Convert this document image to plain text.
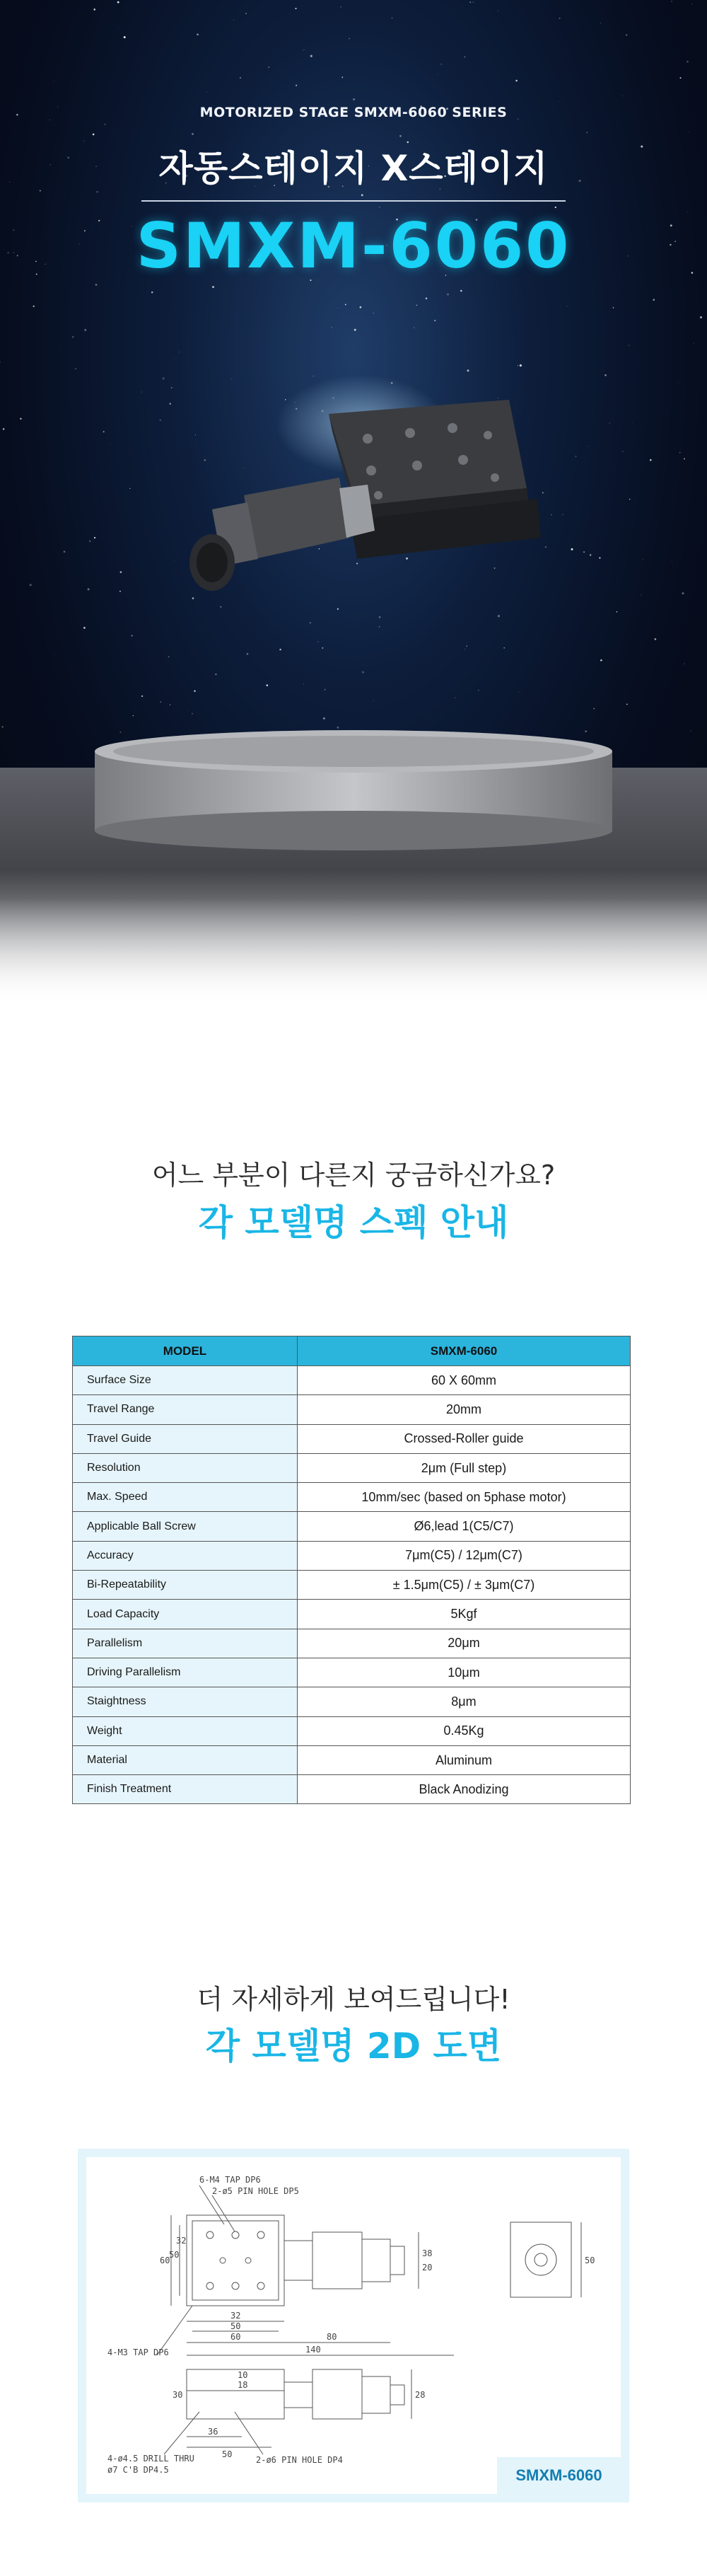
MOTORIZED STAGE SMXM-6060 SERIES
자동스테이지 X스테이지
SMXM-6060
어느 부분이 다른지 궁금하신가요?
각 모델명 스펙 안내
MODEL	SMXM-6060
Surface Size	60 X 60mm
Travel Range	20mm
Travel Guide	Crossed-Roller guide
Resolution	2μm (Full step)
Max. Speed	10mm/sec (based on 5phase motor)
Applicable Ball Screw	Ø6,lead 1(C5/C7)
Accuracy	7μm(C5) / 12μm(C7)
Bi-Repeatability	± 1.5μm(C5) / ± 3μm(C7)
Load Capacity	5Kgf
Parallelism	20μm
Driving Parallelism	10μm
Staightness	8μm
Weight	0.45Kg
Material	Aluminum
Finish Treatment	Black Anodizing
더 자세하게 보여드립니다!
각 모델명 2D 도면
6-M4 TAP DP6
2-ø5 PIN HOLE DP5
4-M3 TAP DP6
4-ø4.5 DRILL THRU
ø7 C'B DP4.5
2-ø6 PIN HOLE DP4
60
50
32
50
60	80
140
30
36
50
28
38
20
50
10
18
32
SMXM-6060
